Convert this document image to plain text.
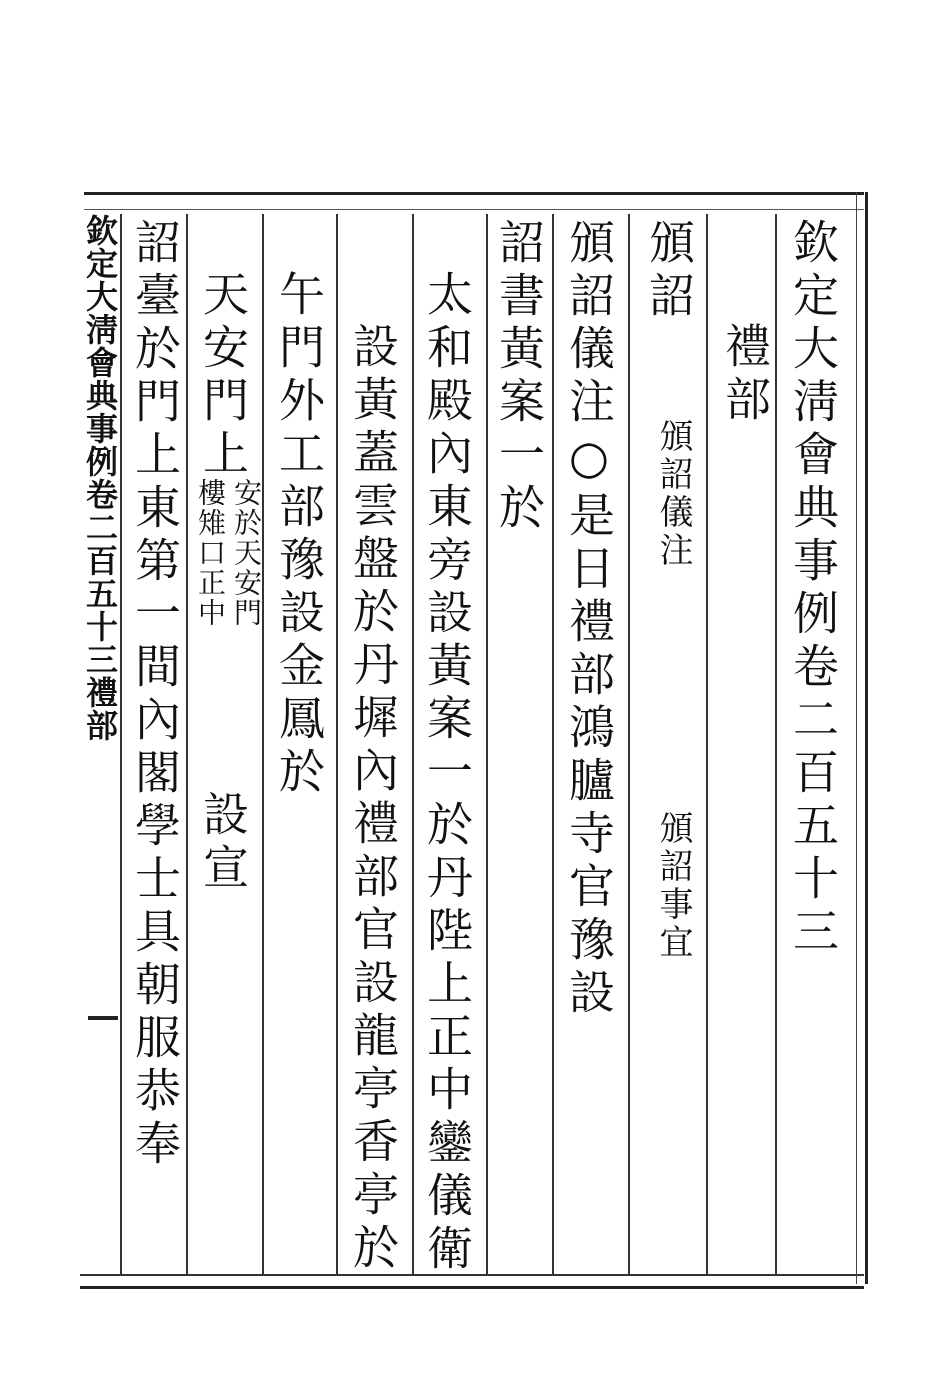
欽定大淸會典事例卷二百五十三
禮部
頒詔儀注
頒詔事宜
頒詔
頒詔儀注○是日禮部鴻臚寺官豫設
詔書黃案一於
太和殿內東旁設黃案一於丹陛上正中鑾儀衛
設黃蓋雲盤於丹墀內禮部官設龍亭香亭於
午門外工部豫設金鳳於
天安門上
安於天安門
樓雉口正中
設宣
詔臺於門上東第一間內閣學士具朝服恭奉
欽定大淸會典事例卷二百五十三禮部
